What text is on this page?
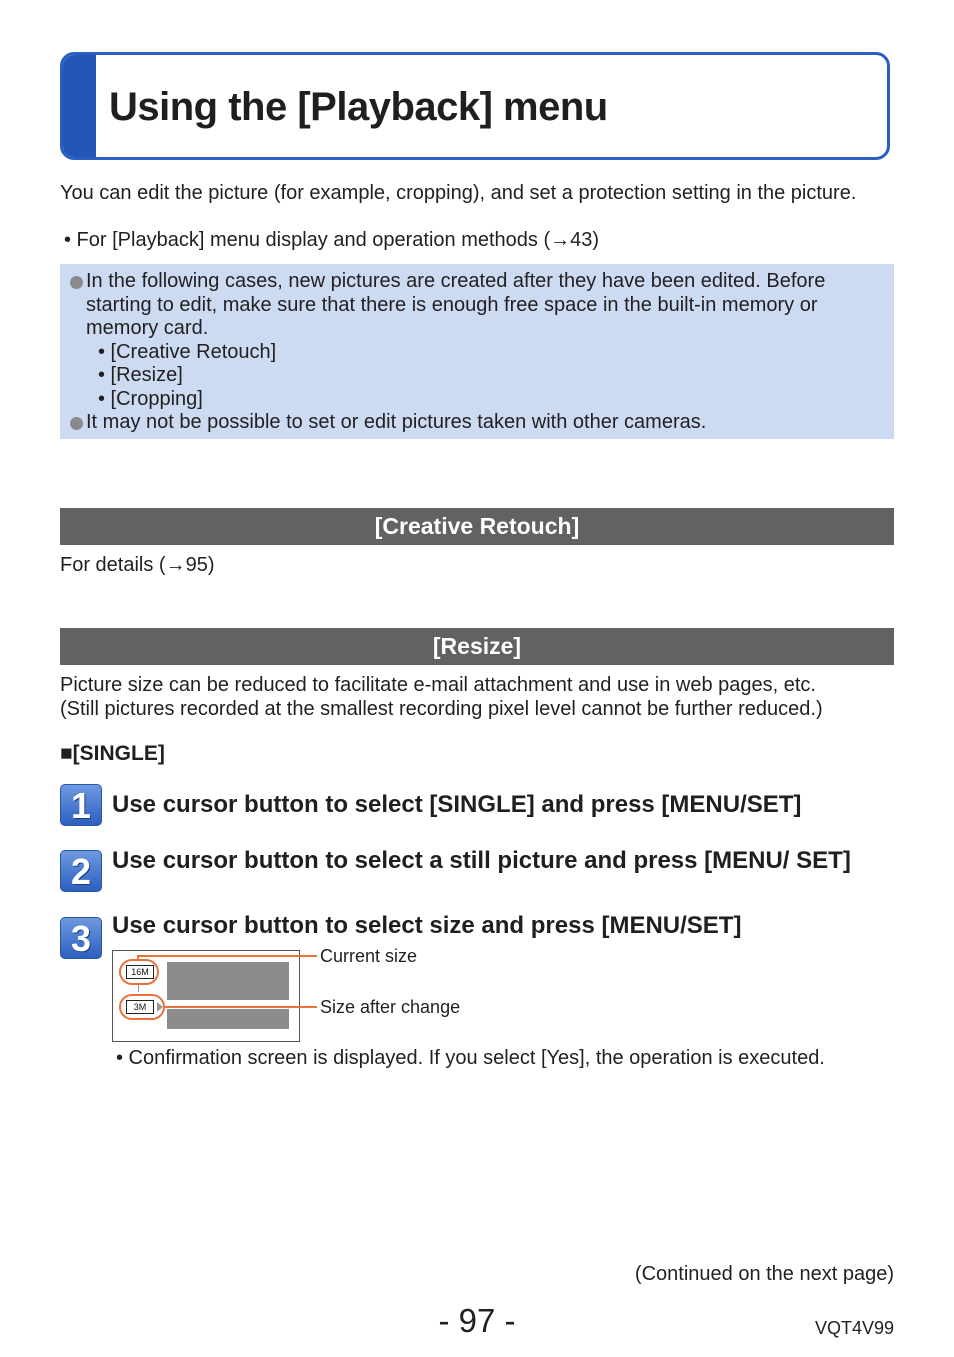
Using the [Playback] menu
You can edit the picture (for example, cropping), and set a protection setting in the picture.
• For [Playback] menu display and operation methods (→43)
In the following cases, new pictures are created after they have been edited. Before starting to edit, make sure that there is enough free space in the built-in memory or memory card.
• [Creative Retouch]
• [Resize]
• [Cropping]
It may not be possible to set or edit pictures taken with other cameras.
[Creative Retouch]
For details (→95)
[Resize]
Picture size can be reduced to facilitate e-mail attachment and use in web pages, etc.
(Still pictures recorded at the smallest recording pixel level cannot be further reduced.)
■[SINGLE]
1 Use cursor button to select [SINGLE] and press [MENU/SET]
2 Use cursor button to select a still picture and press [MENU/ SET]
3 Use cursor button to select size and press [MENU/SET]
16M
3M
Current size
Size after change
• Confirmation screen is displayed. If you select [Yes], the operation is executed.
(Continued on the next page)
- 97 -	VQT4V99
